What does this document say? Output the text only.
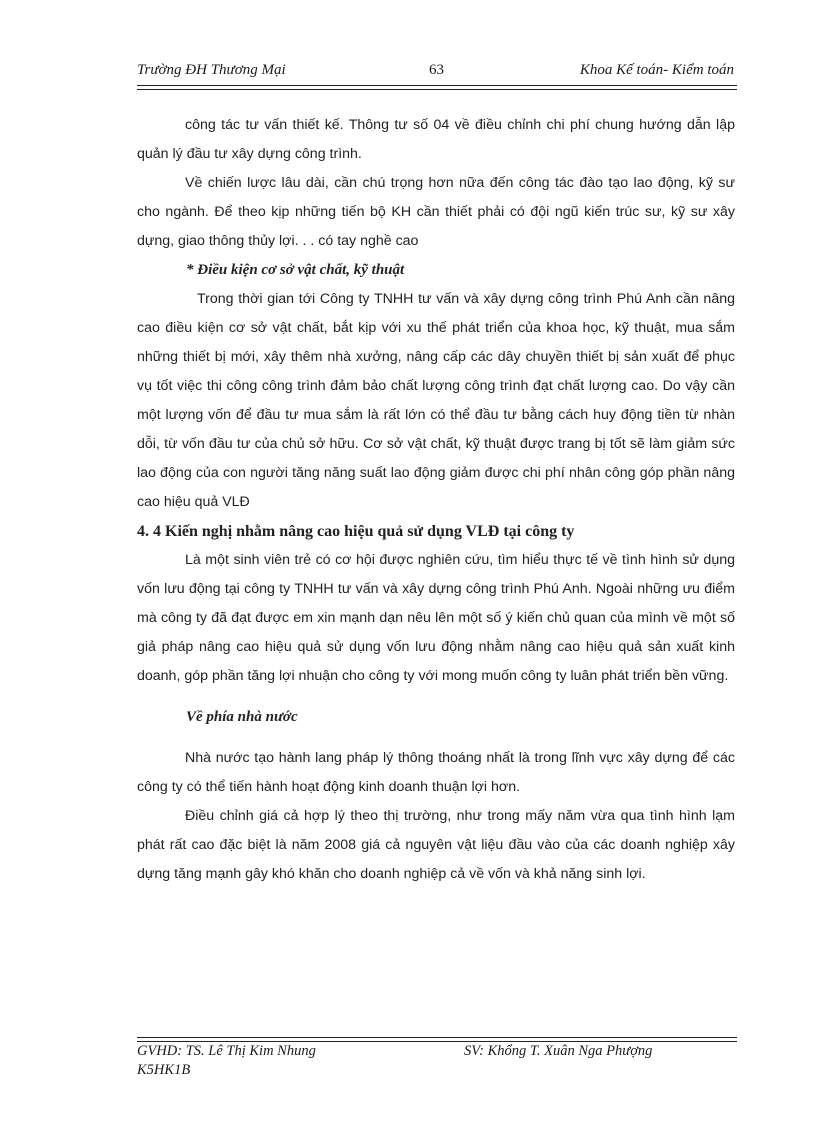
Trường ĐH Thương Mại	63	Khoa Kế toán- Kiểm toán

công tác tư vấn thiết kế. Thông tư số 04 về điều chỉnh chi phí chung hướng dẫn lập quản lý đầu tư xây dựng công trình.

Về chiến lược lâu dài, cần chú trọng hơn nữa đến công tác đào tạo lao động, kỹ sư cho ngành. Để theo kịp những tiến bộ KH cần thiết phải có đội ngũ kiến trúc sư, kỹ sư xây dựng, giao thông thủy lợi. . . có tay nghề cao

* Điều kiện cơ sở vật chất, kỹ thuật

Trong thời gian tới Công ty TNHH tư vấn và xây dựng công trình Phú Anh cần nâng cao điều kiện cơ sở vật chất, bắt kịp với xu thế phát triển của khoa học, kỹ thuật, mua sắm những thiết bị mới, xây thêm nhà xưởng, nâng cấp các dây chuyền thiết bị sản xuất để phục vụ tốt việc thi công công trình đảm bảo chất lượng công trình đạt chất lượng cao. Do vậy cần một lượng vốn để đầu tư mua sắm là rất lớn có thể đầu tư bằng cách huy động tiền từ nhàn dỗi, từ vốn đầu tư của chủ sở hữu. Cơ sở vật chất, kỹ thuật được trang bị tốt sẽ làm giảm sức lao động của con người tăng năng suất lao động giảm được chi phí nhân công góp phần nâng cao hiệu quả VLĐ

4. 4 Kiến nghị nhằm nâng cao hiệu quả sử dụng VLĐ tại công ty

Là một sinh viên trẻ có cơ hội được nghiên cứu, tìm hiểu thực tế về tình hình sử dụng vốn lưu động tại công ty TNHH tư vấn và xây dựng công trình Phú Anh. Ngoài những ưu điểm mà công ty đã đạt được em xin mạnh dạn nêu lên một số ý kiến chủ quan của mình về một số giả pháp nâng cao hiệu quả sử dụng vốn lưu động nhằm nâng cao hiệu quả sản xuất kinh doanh, góp phần tăng lợi nhuận cho công ty với mong muốn công ty luân phát triển bền vững.

Về phía nhà nước

Nhà nước tạo hành lang pháp lý thông thoáng nhất là trong lĩnh vực xây dựng để các công ty có thể tiến hành hoạt động kinh doanh thuận lợi hơn.

Điều chỉnh giá cả hợp lý theo thị trường, như trong mấy năm vừa qua tình hình lạm phát rất cao đặc biệt là năm 2008 giá cả nguyên vật liệu đầu vào của các doanh nghiệp xây dựng tăng mạnh gây khó khăn cho doanh nghiệp cả về vốn và khả năng sinh lợi.

GVHD: TS. Lê Thị Kim Nhung	SV: Khổng T. Xuân Nga Phượng
K5HK1B
